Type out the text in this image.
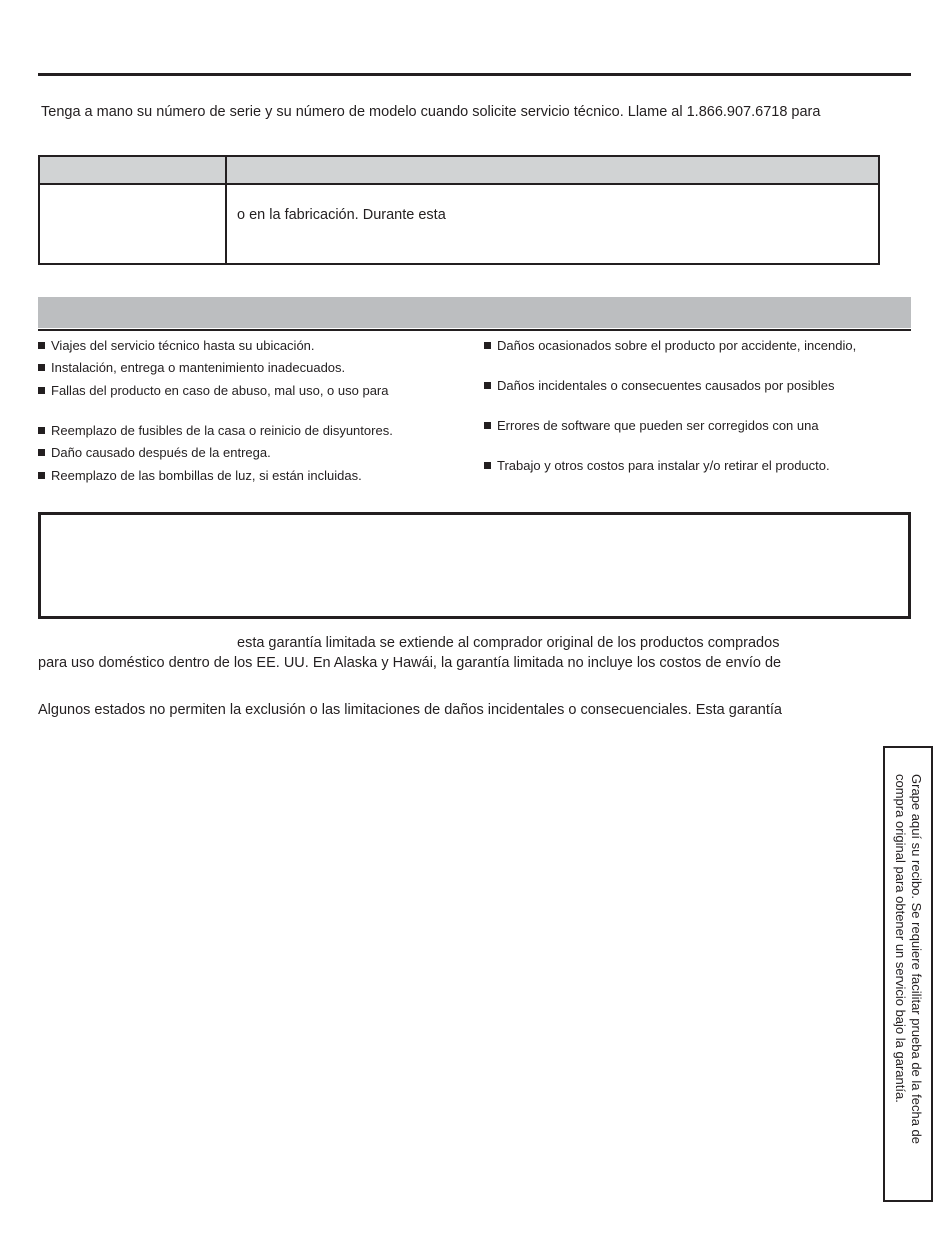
Tenga a mano su número de serie y su número de modelo cuando solicite servicio técnico. Llame al 1.866.907.6718 para
o en la fabricación. Durante esta
Viajes del servicio técnico hasta su ubicación.
Instalación, entrega o mantenimiento inadecuados.
Fallas del producto en caso de abuso, mal uso, o uso para
Reemplazo de fusibles de la casa o reinicio de disyuntores.
Daño causado después de la entrega.
Reemplazo de las bombillas de luz, si están incluidas.
Daños ocasionados sobre el producto por accidente, incendio,
Daños incidentales o consecuentes causados por posibles
Errores de software que pueden ser corregidos con una
Trabajo y otros costos para instalar y/o retirar el producto.
esta garantía limitada se extiende al comprador original de los productos comprados
para uso doméstico dentro de los EE. UU. En Alaska y Hawái, la garantía limitada no incluye los costos de envío de
Algunos estados no permiten la exclusión o las limitaciones de daños incidentales o consecuenciales. Esta garantía
Grape aquí su recibo. Se requiere facilitar prueba de la fecha de compra original para obtener un servicio bajo la garantía.
